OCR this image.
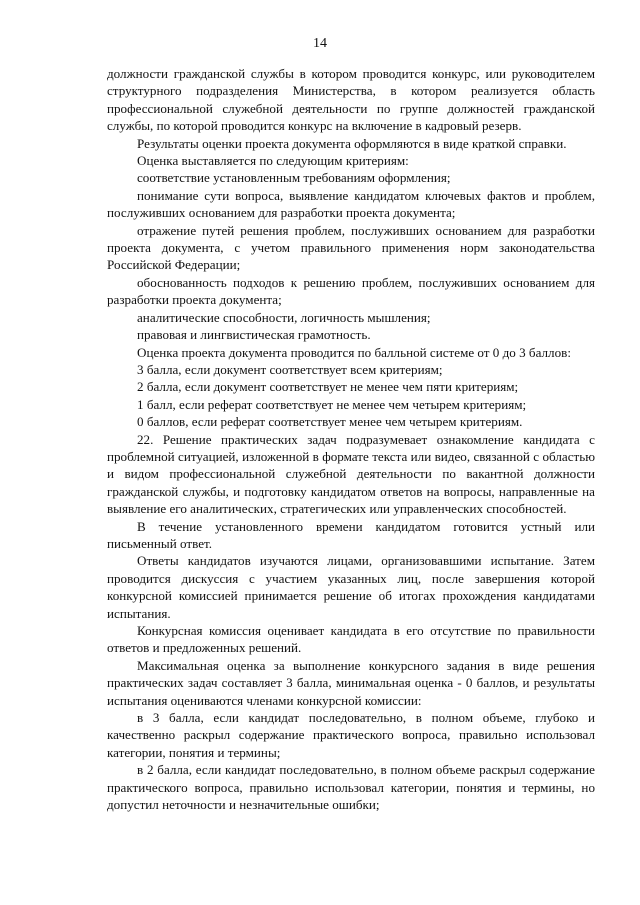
14

должности гражданской службы в котором проводится конкурс, или руководителем структурного подразделения Министерства, в котором реализуется область профессиональной служебной деятельности по группе должностей гражданской службы, по которой проводится конкурс на включение в кадровый резерв.

Результаты оценки проекта документа оформляются в виде краткой справки.

Оценка выставляется по следующим критериям:

соответствие установленным требованиям оформления;

понимание сути вопроса, выявление кандидатом ключевых фактов и проблем, послуживших основанием для разработки проекта документа;

отражение путей решения проблем, послуживших основанием для разработки проекта документа, с учетом правильного применения норм законодательства Российской Федерации;

обоснованность подходов к решению проблем, послуживших основанием для разработки проекта документа;

аналитические способности, логичность мышления;

правовая и лингвистическая грамотность.

Оценка проекта документа проводится по балльной системе от 0 до 3 баллов:

3 балла, если документ соответствует всем критериям;

2 балла, если документ соответствует не менее чем пяти критериям;

1 балл, если реферат соответствует не менее чем четырем критериям;

0 баллов, если реферат соответствует менее чем четырем критериям.

22. Решение практических задач подразумевает ознакомление кандидата с проблемной ситуацией, изложенной в формате текста или видео, связанной с областью и видом профессиональной служебной деятельности по вакантной должности гражданской службы, и подготовку кандидатом ответов на вопросы, направленные на выявление его аналитических, стратегических или управленческих способностей.

В течение установленного времени кандидатом готовится устный или письменный ответ.

Ответы кандидатов изучаются лицами, организовавшими испытание. Затем проводится дискуссия с участием указанных лиц, после завершения которой конкурсной комиссией принимается решение об итогах прохождения кандидатами испытания.

Конкурсная комиссия оценивает кандидата в его отсутствие по правильности ответов и предложенных решений.

Максимальная оценка за выполнение конкурсного задания в виде решения практических задач составляет 3 балла, минимальная оценка - 0 баллов, и результаты испытания оцениваются членами конкурсной комиссии:

в 3 балла, если кандидат последовательно, в полном объеме, глубоко и качественно раскрыл содержание практического вопроса, правильно использовал категории, понятия и термины;

в 2 балла, если кандидат последовательно, в полном объеме раскрыл содержание практического вопроса, правильно использовал категории, понятия и термины, но допустил неточности и незначительные ошибки;
